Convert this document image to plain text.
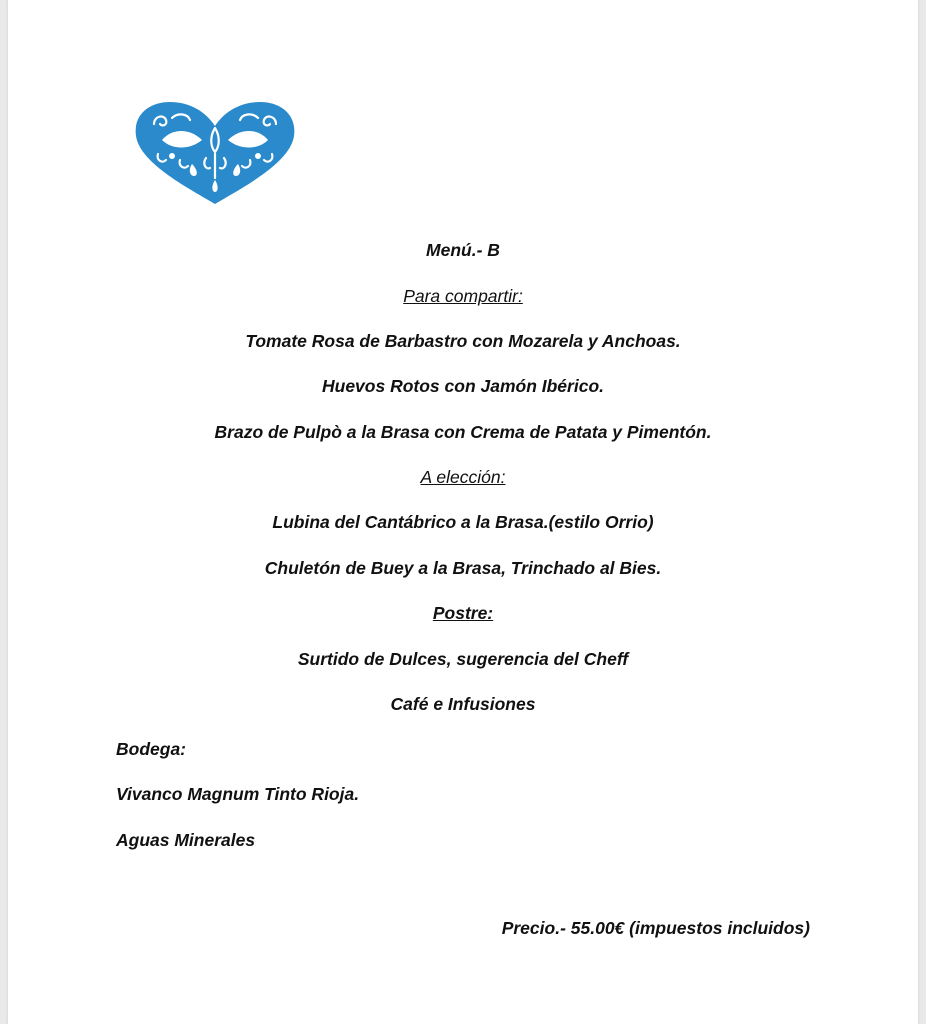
Menú.- B
Para compartir:
Tomate Rosa de Barbastro con Mozarela y Anchoas.
Huevos Rotos con Jamón Ibérico.
Brazo de Pulpò a la Brasa con Crema de Patata y Pimentón.
A elección:
Lubina del Cantábrico a la Brasa.(estilo Orrio)
Chuletón de Buey a la Brasa, Trinchado al Bies.
Postre:
Surtido de Dulces, sugerencia del Cheff
Café e Infusiones
Bodega:
Vivanco Magnum Tinto Rioja.
Aguas Minerales
Precio.- 55.00€ (impuestos incluidos)
